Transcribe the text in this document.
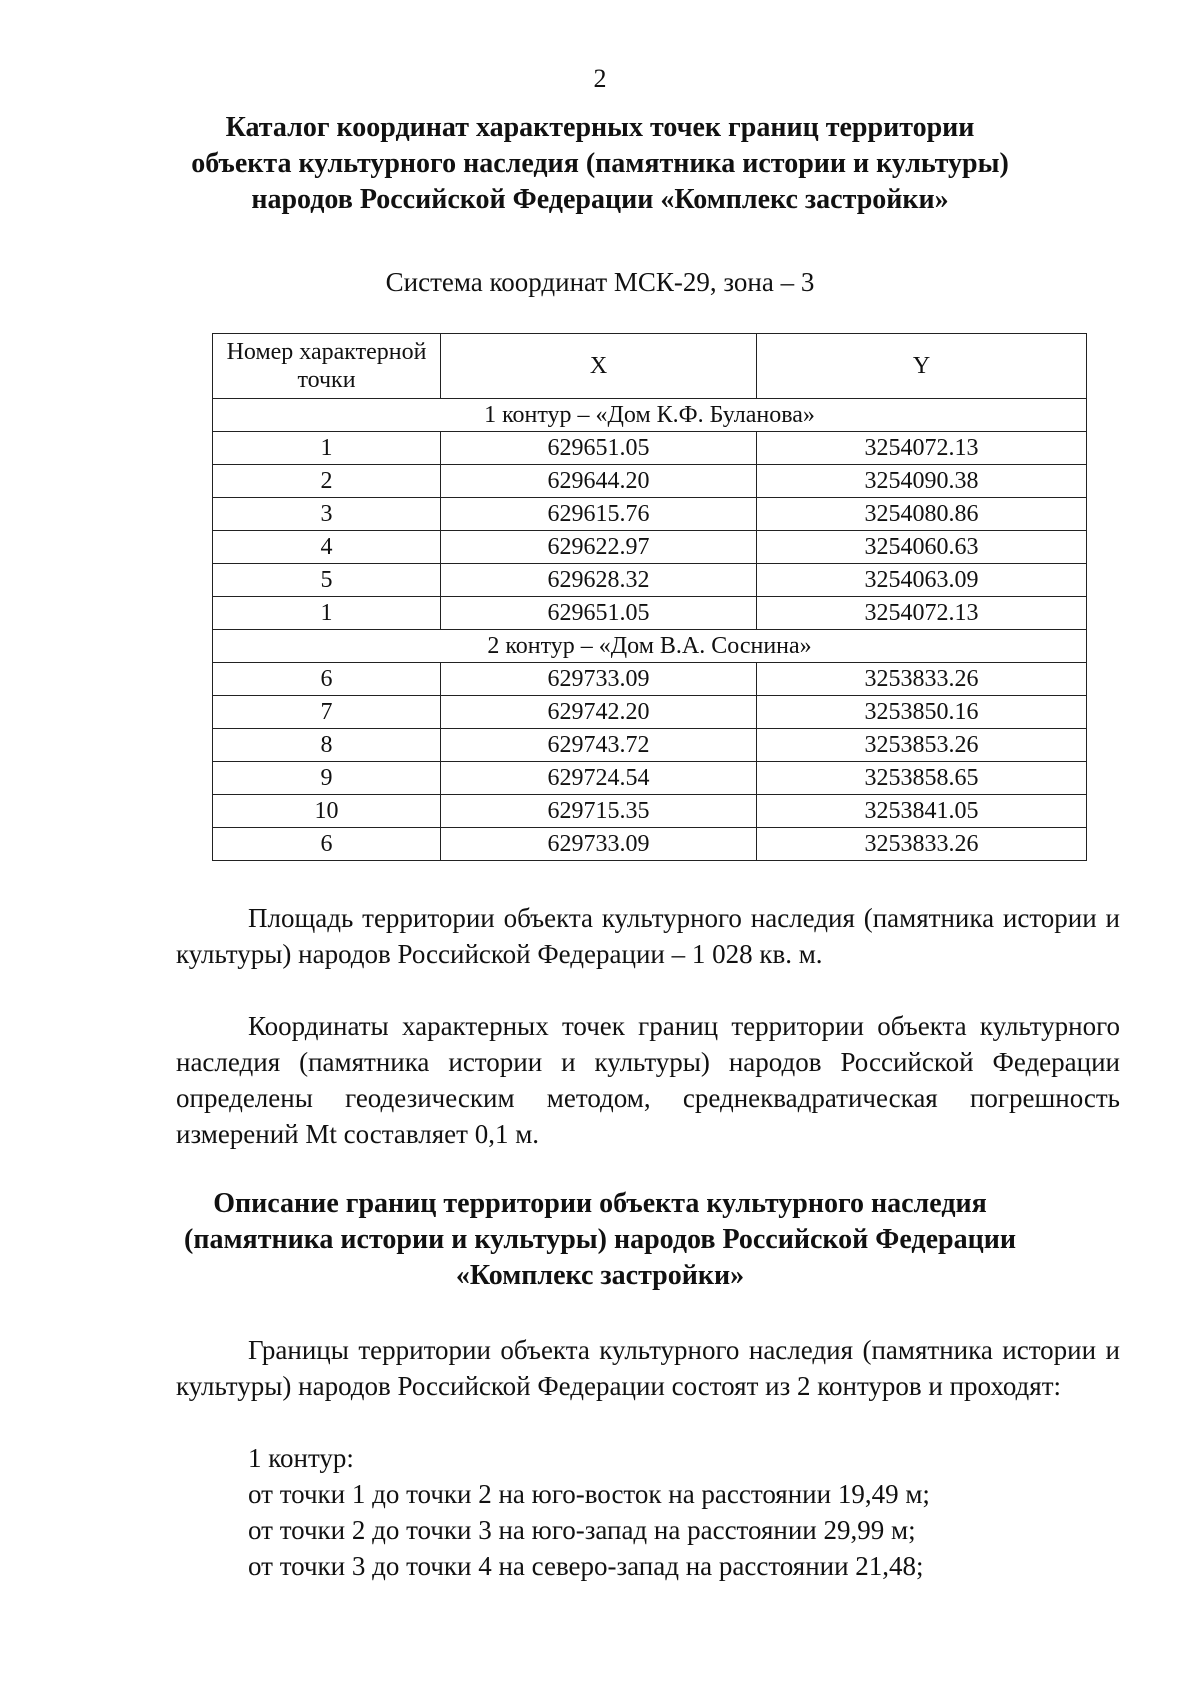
2
Каталог координат характерных точек границ территории
объекта культурного наследия (памятника истории и культуры)
народов Российской Федерации «Комплекс застройки»
Система координат МСК-29, зона – 3
Номер характерной
точки	X	Y
1 контур – «Дом К.Ф. Буланова»		
1	629651.05	3254072.13
2	629644.20	3254090.38
3	629615.76	3254080.86
4	629622.97	3254060.63
5	629628.32	3254063.09
1	629651.05	3254072.13
2 контур – «Дом В.А. Соснина»		
6	629733.09	3253833.26
7	629742.20	3253850.16
8	629743.72	3253853.26
9	629724.54	3253858.65
10	629715.35	3253841.05
6	629733.09	3253833.26
Площадь территории объекта культурного наследия (памятника истории и культуры) народов Российской Федерации – 1 028 кв. м.
Координаты характерных точек границ территории объекта культурного наследия (памятника истории и культуры) народов Российской Федерации определены геодезическим методом, среднеквадратическая погрешность измерений Mt составляет 0,1 м.
Описание границ территории объекта культурного наследия
(памятника истории и культуры) народов Российской Федерации
«Комплекс застройки»
Границы территории объекта культурного наследия (памятника истории и культуры) народов Российской Федерации состоят из 2 контуров и проходят:
1 контур:
от точки 1 до точки 2 на юго-восток на расстоянии 19,49 м;
от точки 2 до точки 3 на юго-запад на расстоянии 29,99 м;
от точки 3 до точки 4 на северо-запад на расстоянии 21,48;
